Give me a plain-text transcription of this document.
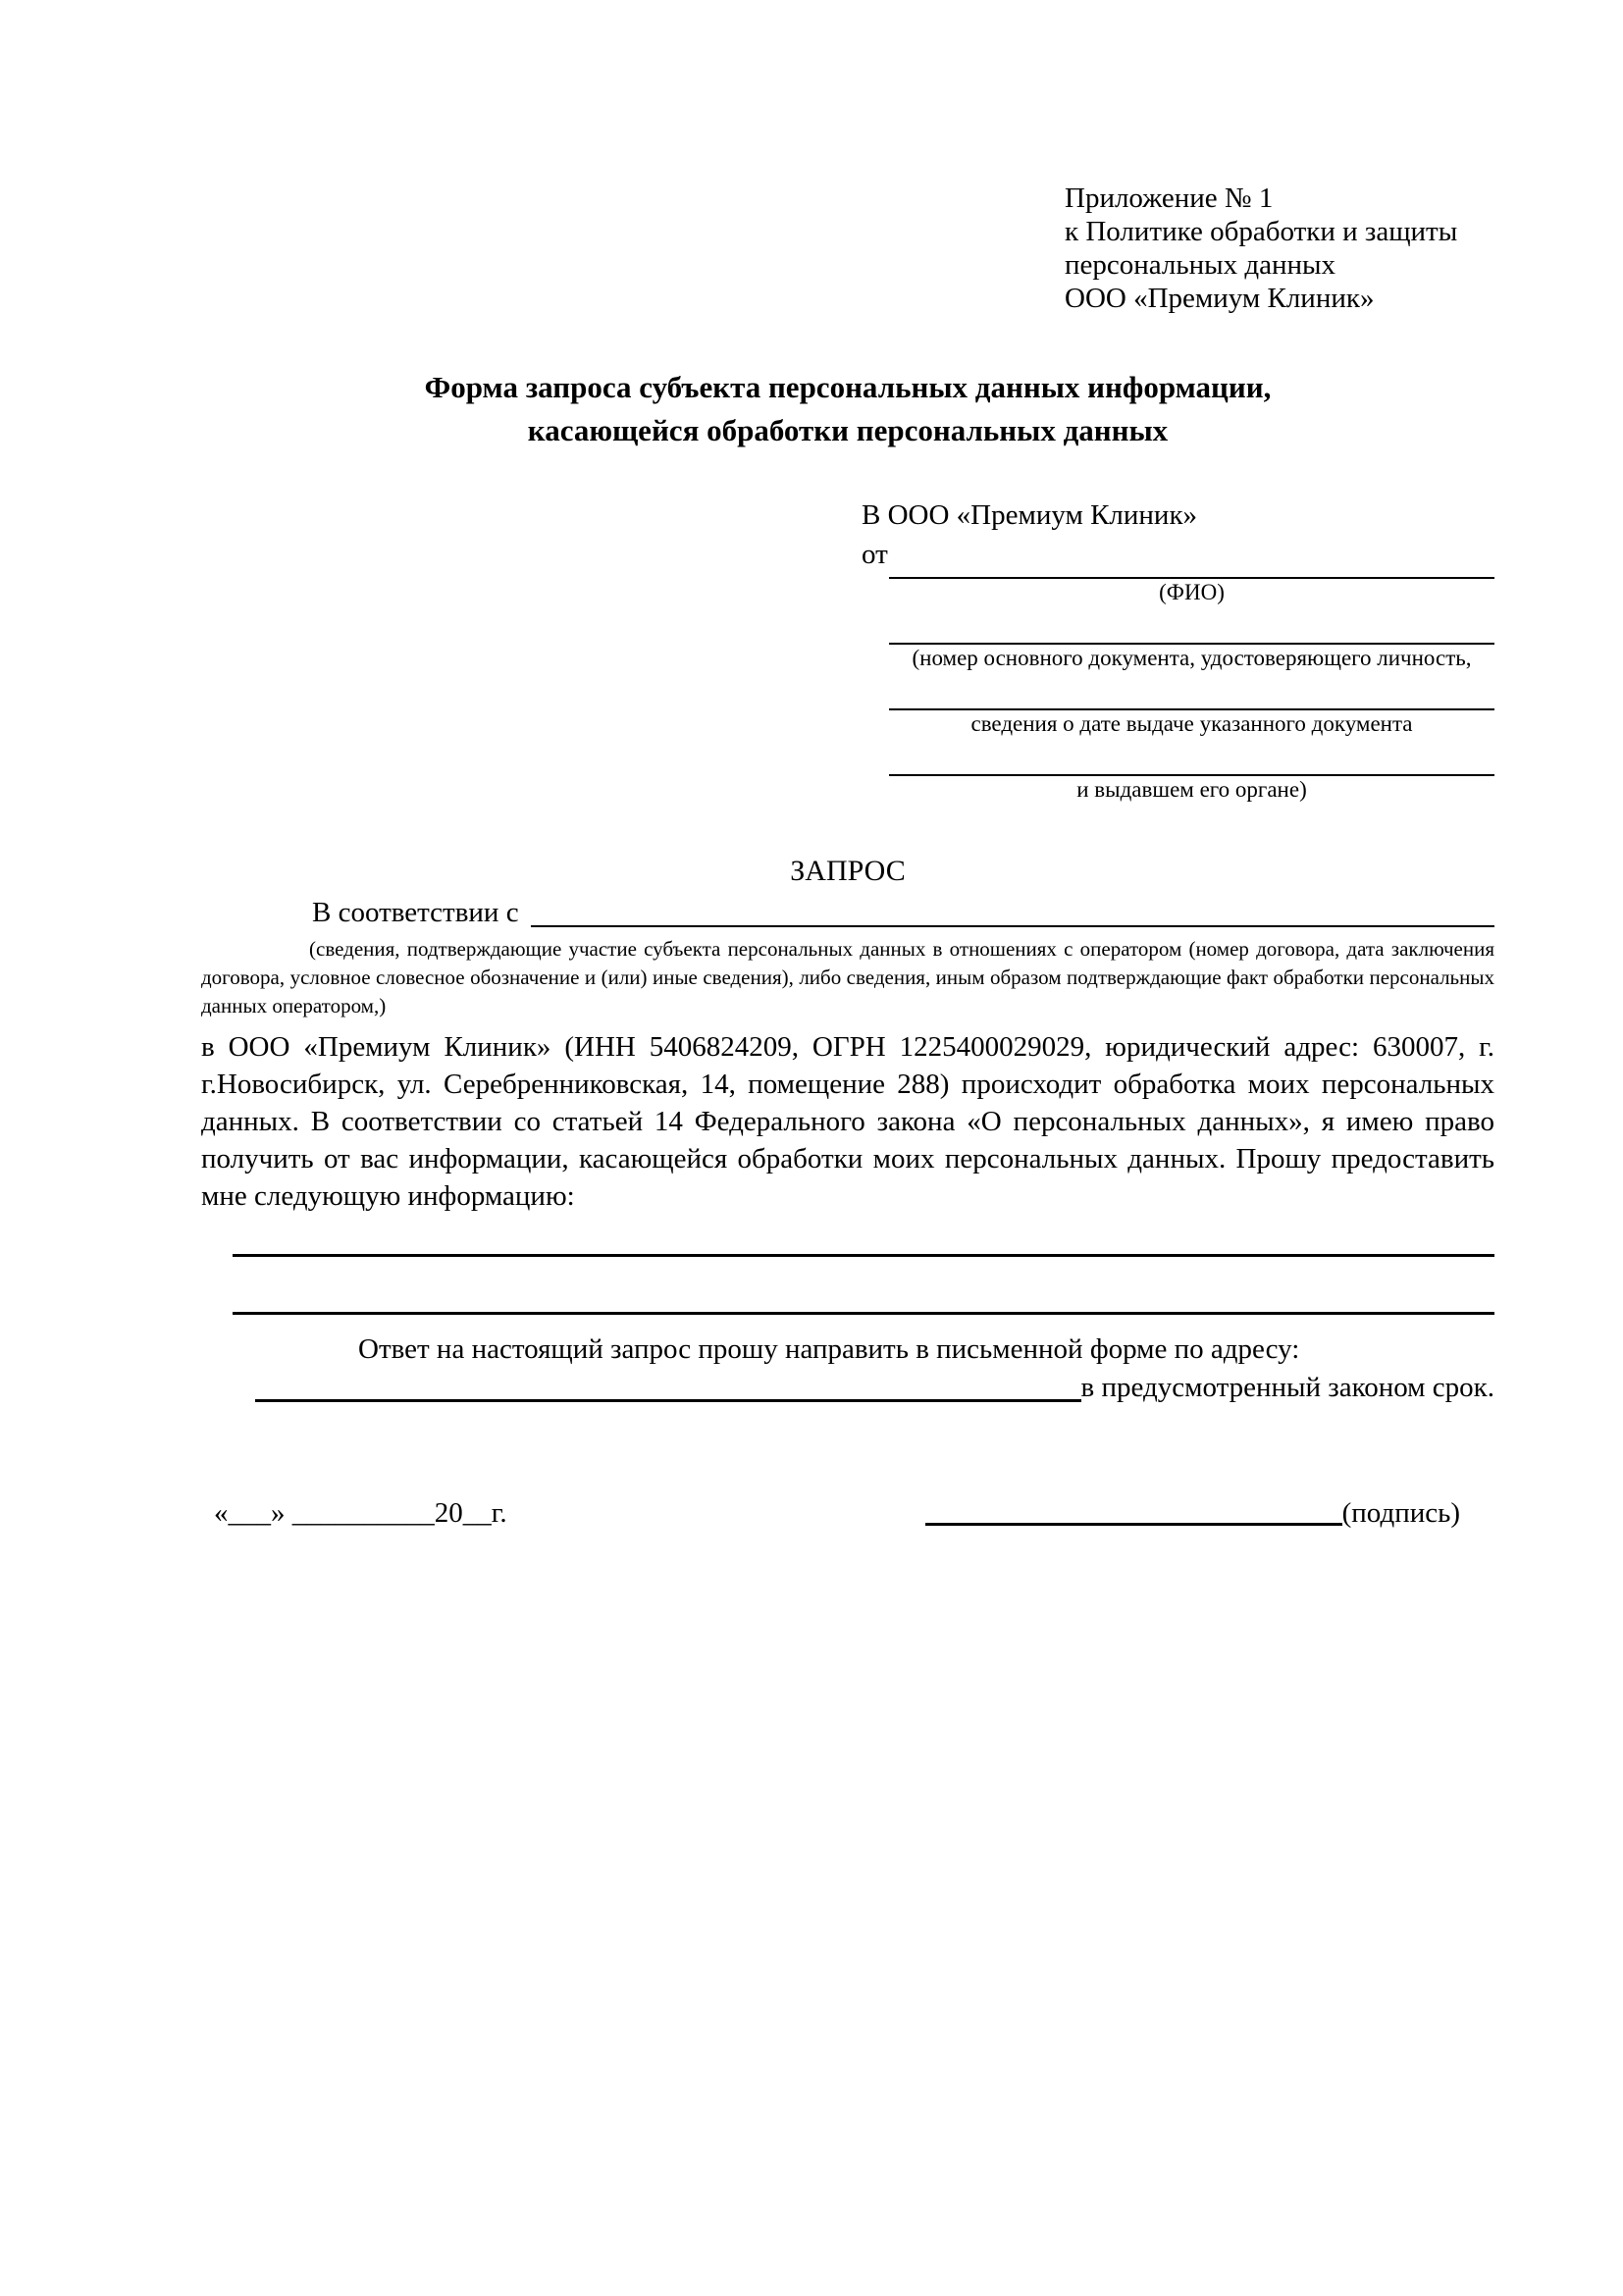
Приложение № 1
к Политике обработки и защиты
персональных данных
ООО «Премиум Клиник»
Форма запроса субъекта персональных данных информации,
касающейся обработки персональных данных
В ООО «Премиум Клиник»
от
(ФИО)
(номер основного документа, удостоверяющего личность,
сведения о дате выдаче указанного документа
и выдавшем его органе)
ЗАПРОС
В соответствии с
(сведения, подтверждающие участие субъекта персональных данных в отношениях с оператором (номер договора, дата заключения договора, условное словесное обозначение и (или) иные сведения), либо сведения, иным образом подтверждающие факт обработки персональных данных оператором,)
в ООО «Премиум Клиник» (ИНН 5406824209, ОГРН 1225400029029, юридический адрес: 630007, г. г.Новосибирск, ул. Серебренниковская, 14, помещение 288) происходит обработка моих персональных данных. В соответствии со статьей 14 Федерального закона «О персональных данных», я имею право получить от вас информации, касающейся обработки моих персональных данных. Прошу предоставить мне следующую информацию:
Ответ на настоящий запрос прошу направить в письменной форме по адресу:
в предусмотренный законом срок.
«___» __________20__г.	(подпись)
